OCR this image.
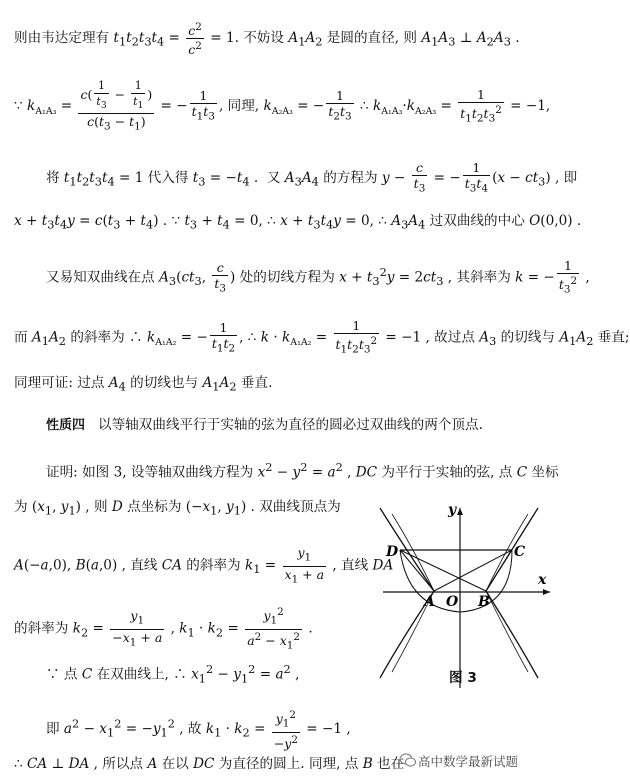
则由韦达定理有 $t_1t_2t_3t_4 = \frac{c^2}{c^2} = 1$. 不妨设 $A_1A_2$ 是圆的直径, 则 $A_1A_3$ ⊥ $A_2A_3$ .
∵ $k_{A_1A_3} = \frac{c( \frac{1}{t_3} - \frac{1}{t_1} )}{c(t_3 - t_1)}$ = − $\frac{1}{t_1t_3}$ , 同理, $k_{A_2A_3}$ = − $\frac{1}{t_2t_3}$ ∴ $k_{A_1A_3}\cdot k_{A_2A_3} = \frac{1}{t_1t_2t_3^2} = -1$,
将 $t_1t_2t_3t_4 = 1$ 代入得 $t_3 = -t_4$ .  又 $A_3A_4$ 的方程为 $y - \frac{c}{t_3}$ = − $\frac{1}{t_3t_4} (x - ct_3)$ , 即
$x + t_3t_4y = c(t_3 + t_4)$ . ∵ $t_3 + t_4 = 0$, ∴ $x + t_3t_4y = 0$, ∴ $A_3A_4$ 过双曲线的中心 O(0,0) .
又易知双曲线在点 $A_3(ct_3$, $\frac{c}{t_3}$ ) 处的切线方程为 $x + t_3^2y = 2ct_3$ , 其斜率为 k = − $\frac{1}{t_3^2}$ ,
而 $A_1A_2$ 的斜率为 ∴ $k_{A_1A_2}$ = − $\frac{1}{t_1t_2}$ , ∴ $k \cdot k_{A_1A_2} = \frac{1}{t_1t_2t_3^2} = -1$ , 故过点 $A_3$ 的切线与 $A_1A_2$ 垂直;
同理可证: 过点 $A_4$ 的切线也与 $A_1A_2$ 垂直.
性质四 以等轴双曲线平行于实轴的弦为直径的圆必过双曲线的两个顶点.
证明: 如图 3, 设等轴双曲线方程为 $x^2 - y^2 = a^2$ , DC 为平行于实轴的弦, 点 C 坐标
为 ($x_1$, $y_1$) , 则 D 点坐标为 ($-x_1$, $y_1$) . 双曲线顶点为
A(−a,0), B(a,0) , 直线 CA 的斜率为 $k_1 = \frac{y_1}{x_1 + a}$ , 直线 DA
的斜率为 $k_2 = \frac{y_1}{-x_1 + a}$ , $k_1 \cdot k_2 = \frac{y_1^2}{a^2 - x_1^2}$ .
∵ 点 C 在双曲线上, ∴ $x_1^2 - y_1^2 = a^2$ ,
即 $a^2 - x_1^2 = -y_1^2$ , 故 $k_1 \cdot k_2 = \frac{y_1^2}{-y^2} = -1$ ,
∴ CA ⊥ DA , 所以点 A 在以 DC 为直径的圆上. 同理, 点 B 也在
y
x
D	C
A O B
图 3
高中数学最新试题
